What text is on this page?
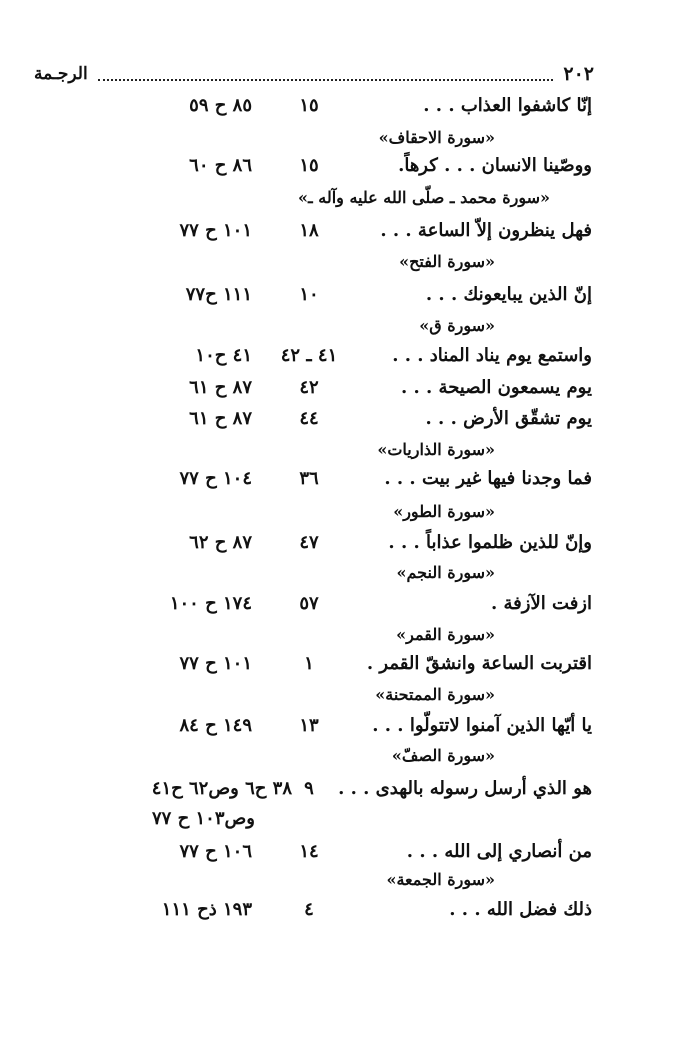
٢٠٢
الرجـمة
إنّا كاشفوا العذاب . . .
١٥
٨٥ ح ٥٩
«سورة الاحقاف»
ووصّينا الانسان . . . كرهاً.
١٥
٨٦ ح ٦٠
«سورة محمد ـ صلّى الله عليه وآله ـ»
فهل ينظرون إلاّ الساعة . . .
١٨
١٠١ ح ٧٧
«سورة الفتح»
إنّ الذين يبايعونك . . .
١٠
١١١ ح٧٧
«سورة ق»
واستمع يوم يناد المناد . . .
٤١ ـ ٤٢
٤١ ح١٠
يوم يسمعون الصيحة . . .
٤٢
٨٧ ح ٦١
يوم تشقّق الأرض . . .
٤٤
٨٧ ح ٦١
«سورة الذاريات»
فما وجدنا فيها غير بيت . . .
٣٦
١٠٤ ح ٧٧
«سورة الطور»
وإنّ للذين ظلموا عذاباً . . .
٤٧
٨٧ ح ٦٢
«سورة النجم»
ازفت الآزفة .
٥٧
١٧٤ ح ١٠٠
«سورة القمر»
اقتربت الساعة وانشقّ القمر .
١
١٠١ ح ٧٧
«سورة الممتحنة»
يا أيّها الذين آمنوا لاتتولّوا . . .
١٣
١٤٩ ح ٨٤
«سورة الصفّ»
هو الذي أرسل رسوله بالهدى . . .
٩
٣٨ ح٦ وص٦٢ ح٤١
وص١٠٣ ح ٧٧
من أنصاري إلى الله . . .
١٤
١٠٦ ح ٧٧
«سورة الجمعة»
ذلك فضل الله . . .
٤
١٩٣ ذح ١١١
